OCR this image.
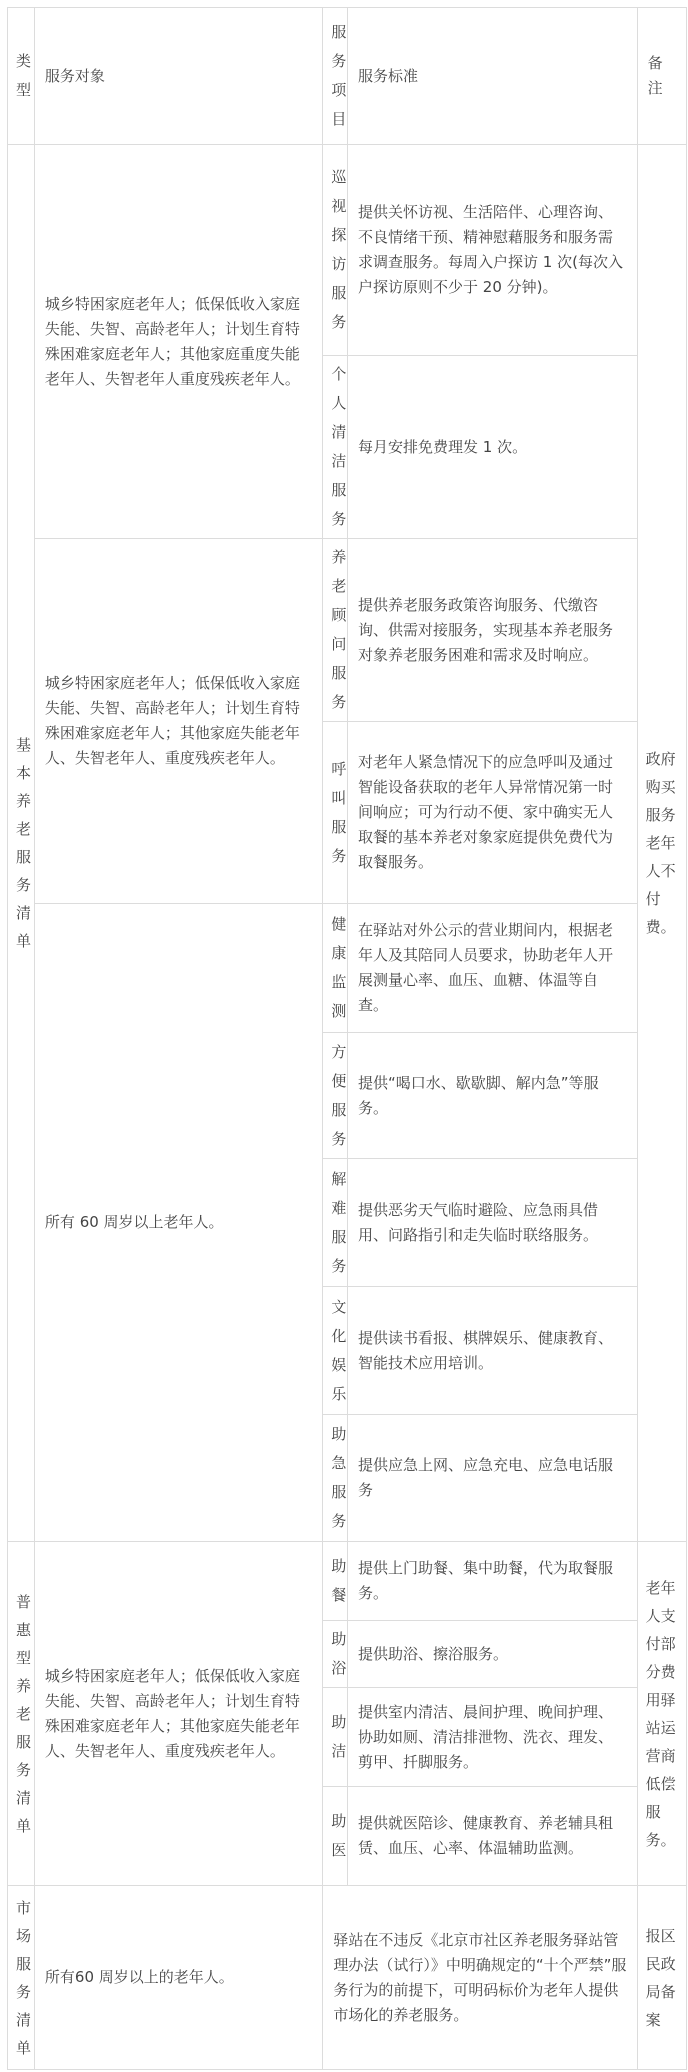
类型	服务对象	服务项目	服务标准	备注
基本养老服务清单	城乡特困家庭老年人；低保低收入家庭失能、失智、高龄老年人；计划生育特殊困难家庭老年人；其他家庭重度失能老年人、失智老年人重度残疾老年人。	巡视探访服务	提供关怀访视、生活陪伴、心理咨询、不良情绪干预、精神慰藉服务和服务需求调查服务。每周入户探访 1 次(每次入户探访原则不少于 20 分钟)。	政府购买服务老年人不付费。

		个人清洁服务	每月安排免费理发 1 次。	

	城乡特困家庭老年人；低保低收入家庭失能、失智、高龄老年人；计划生育特殊困难家庭老年人；其他家庭失能老年人、失智老年人、重度残疾老年人。	养老顾问服务	提供养老服务政策咨询服务、代缴咨询、供需对接服务，实现基本养老服务对象养老服务困难和需求及时响应。	

		呼叫服务	对老年人紧急情况下的应急呼叫及通过智能设备获取的老年人异常情况第一时间响应；可为行动不便、家中确实无人取餐的基本养老对象家庭提供免费代为取餐服务。	

	所有 60 周岁以上老年人。	健康监测	在驿站对外公示的营业期间内，根据老年人及其陪同人员要求，协助老年人开展测量心率、血压、血糖、体温等自查。	

		方便服务	提供“喝口水、歇歇脚、解内急”等服务。	

		解难服务	提供恶劣天气临时避险、应急雨具借用、问路指引和走失临时联络服务。	

		文化娱乐	提供读书看报、棋牌娱乐、健康教育、智能技术应用培训。	

		助急服务	提供应急上网、应急充电、应急电话服务	

普惠型养老服务清单	城乡特困家庭老年人；低保低收入家庭失能、失智、高龄老年人；计划生育特殊困难家庭老年人；其他家庭失能老年人、失智老年人、重度残疾老年人。	助餐	提供上门助餐、集中助餐，代为取餐服务。	老年人支付部分费用驿站运营商低偿服务。

		助浴	提供助浴、擦浴服务。	

		助洁	提供室内清洁、晨间护理、晚间护理、协助如厕、清洁排泄物、洗衣、理发、剪甲、扦脚服务。	

		助医	提供就医陪诊、健康教育、养老辅具租赁、血压、心率、体温辅助监测。	

市场服务清单	所有60 周岁以上的老年人。	驿站在不违反《北京市社区养老服务驿站管理办法（试行）》中明确规定的“十个严禁”服务行为的前提下，可明码标价为老年人提供市场化的养老服务。		报区民政局备案
